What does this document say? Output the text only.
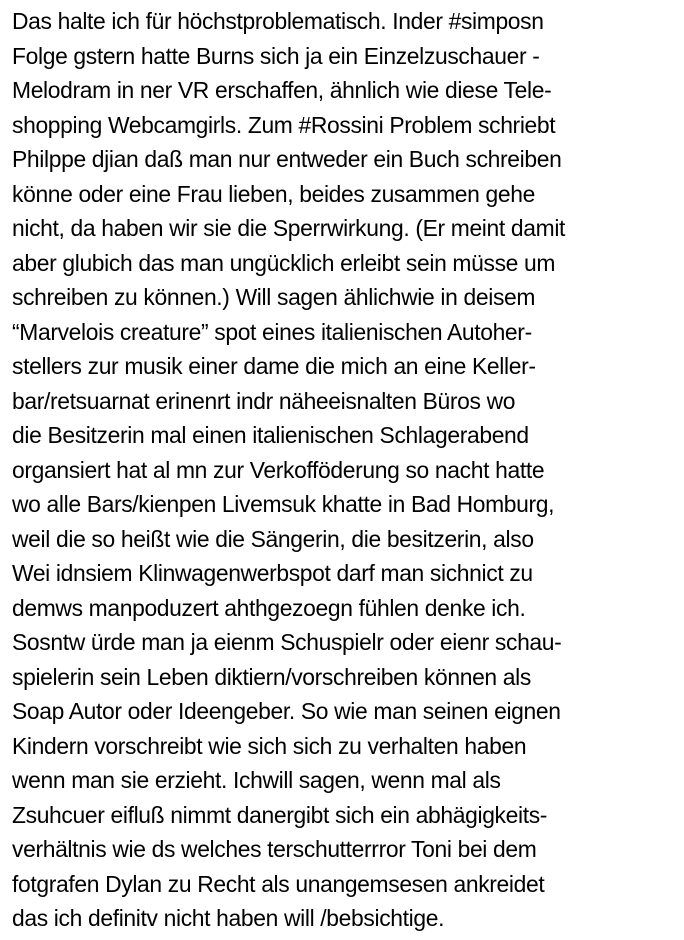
Das halte ich für höchstproblematisch. Inder #simposn
Folge gstern hatte Burns sich ja ein Einzelzuschauer -
Melodram in ner VR erschaffen, ähnlich wie diese Tele-
shopping Webcamgirls. Zum #Rossini Problem schriebt
Philppe djian daß man nur entweder ein Buch schreiben
könne oder eine Frau lieben, beides zusammen gehe
nicht, da haben wir sie die Sperrwirkung. (Er meint damit
aber glubich das man ungücklich erleibt sein müsse um
schreiben zu können.) Will sagen ählichwie in deisem
“Marvelois creature” spot eines italienischen Autoher-
stellers zur musik einer dame die mich an eine Keller-
bar/retsuarnat erinenrt indr näheeisnalten Büros wo
die Besitzerin mal einen italienischen Schlagerabend
organsiert hat al mn zur Verkofföderung so nacht hatte
wo alle Bars/kienpen Livemsuk khatte in Bad Homburg,
weil die so heißt wie die Sängerin, die besitzerin, also
Wei idnsiem Klinwagenwerbspot darf man sichnict zu
demws manpoduzert ahthgezoegn fühlen denke ich.
Sosntw ürde man ja eienm Schuspielr oder eienr schau-
spielerin sein Leben diktiern/vorschreiben können als
Soap Autor oder Ideengeber. So wie man seinen eignen
Kindern vorschreibt wie sich sich zu verhalten haben
wenn man sie erzieht. Ichwill sagen, wenn mal als
Zsuhcuer eifluß nimmt danergibt sich ein abhägigkeits-
verhältnis wie ds welches terschutterrror Toni bei dem
fotgrafen Dylan zu Recht als unangemsesen ankreidet
das ich definitv nicht haben will /bebsichtige.
